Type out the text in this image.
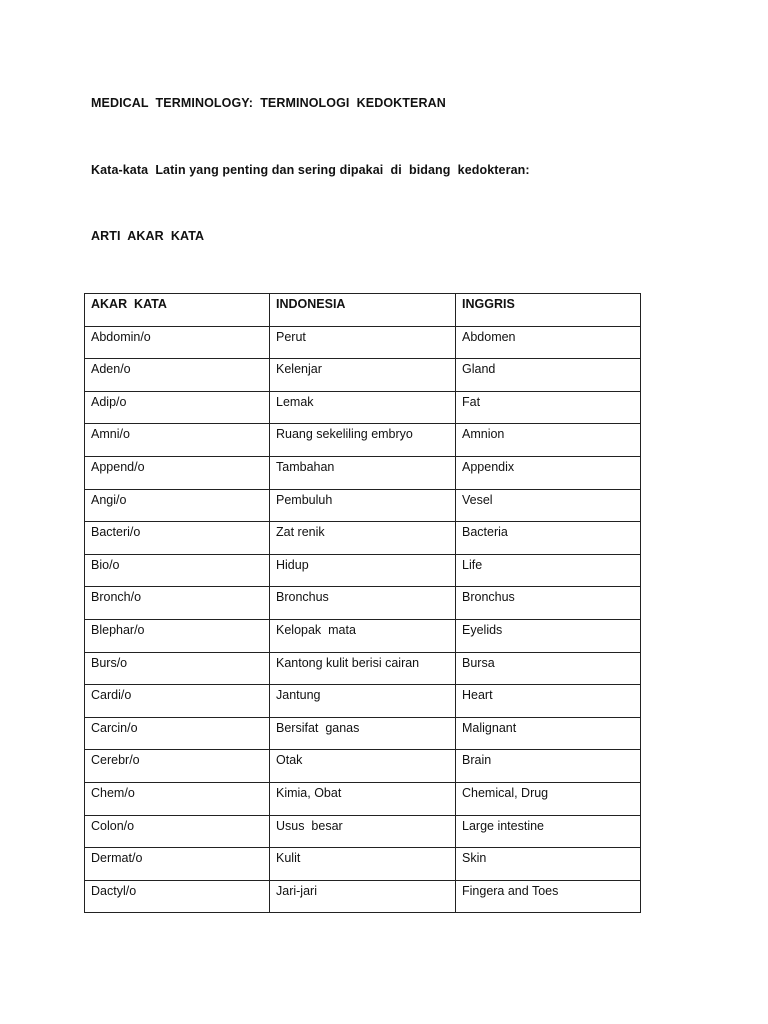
MEDICAL  TERMINOLOGY:  TERMINOLOGI  KEDOKTERAN
Kata-kata  Latin yang penting dan sering dipakai  di  bidang  kedokteran:
ARTI  AKAR  KATA
AKAR  KATA	INDONESIA	INGGRIS

Abdomin/o	Perut	Abdomen

Aden/o	Kelenjar	Gland

Adip/o	Lemak	Fat

Amni/o	Ruang sekeliling embryo	Amnion

Append/o	Tambahan	Appendix

Angi/o	Pembuluh	Vesel

Bacteri/o	Zat renik	Bacteria

Bio/o	Hidup	Life

Bronch/o	Bronchus	Bronchus

Blephar/o	Kelopak  mata	Eyelids

Burs/o	Kantong kulit berisi cairan	Bursa

Cardi/o	Jantung	Heart

Carcin/o	Bersifat  ganas	Malignant

Cerebr/o	Otak	Brain

Chem/o	Kimia, Obat	Chemical, Drug

Colon/o	Usus  besar	Large intestine

Dermat/o	Kulit	Skin

Dactyl/o	Jari-jari	Fingera and Toes
